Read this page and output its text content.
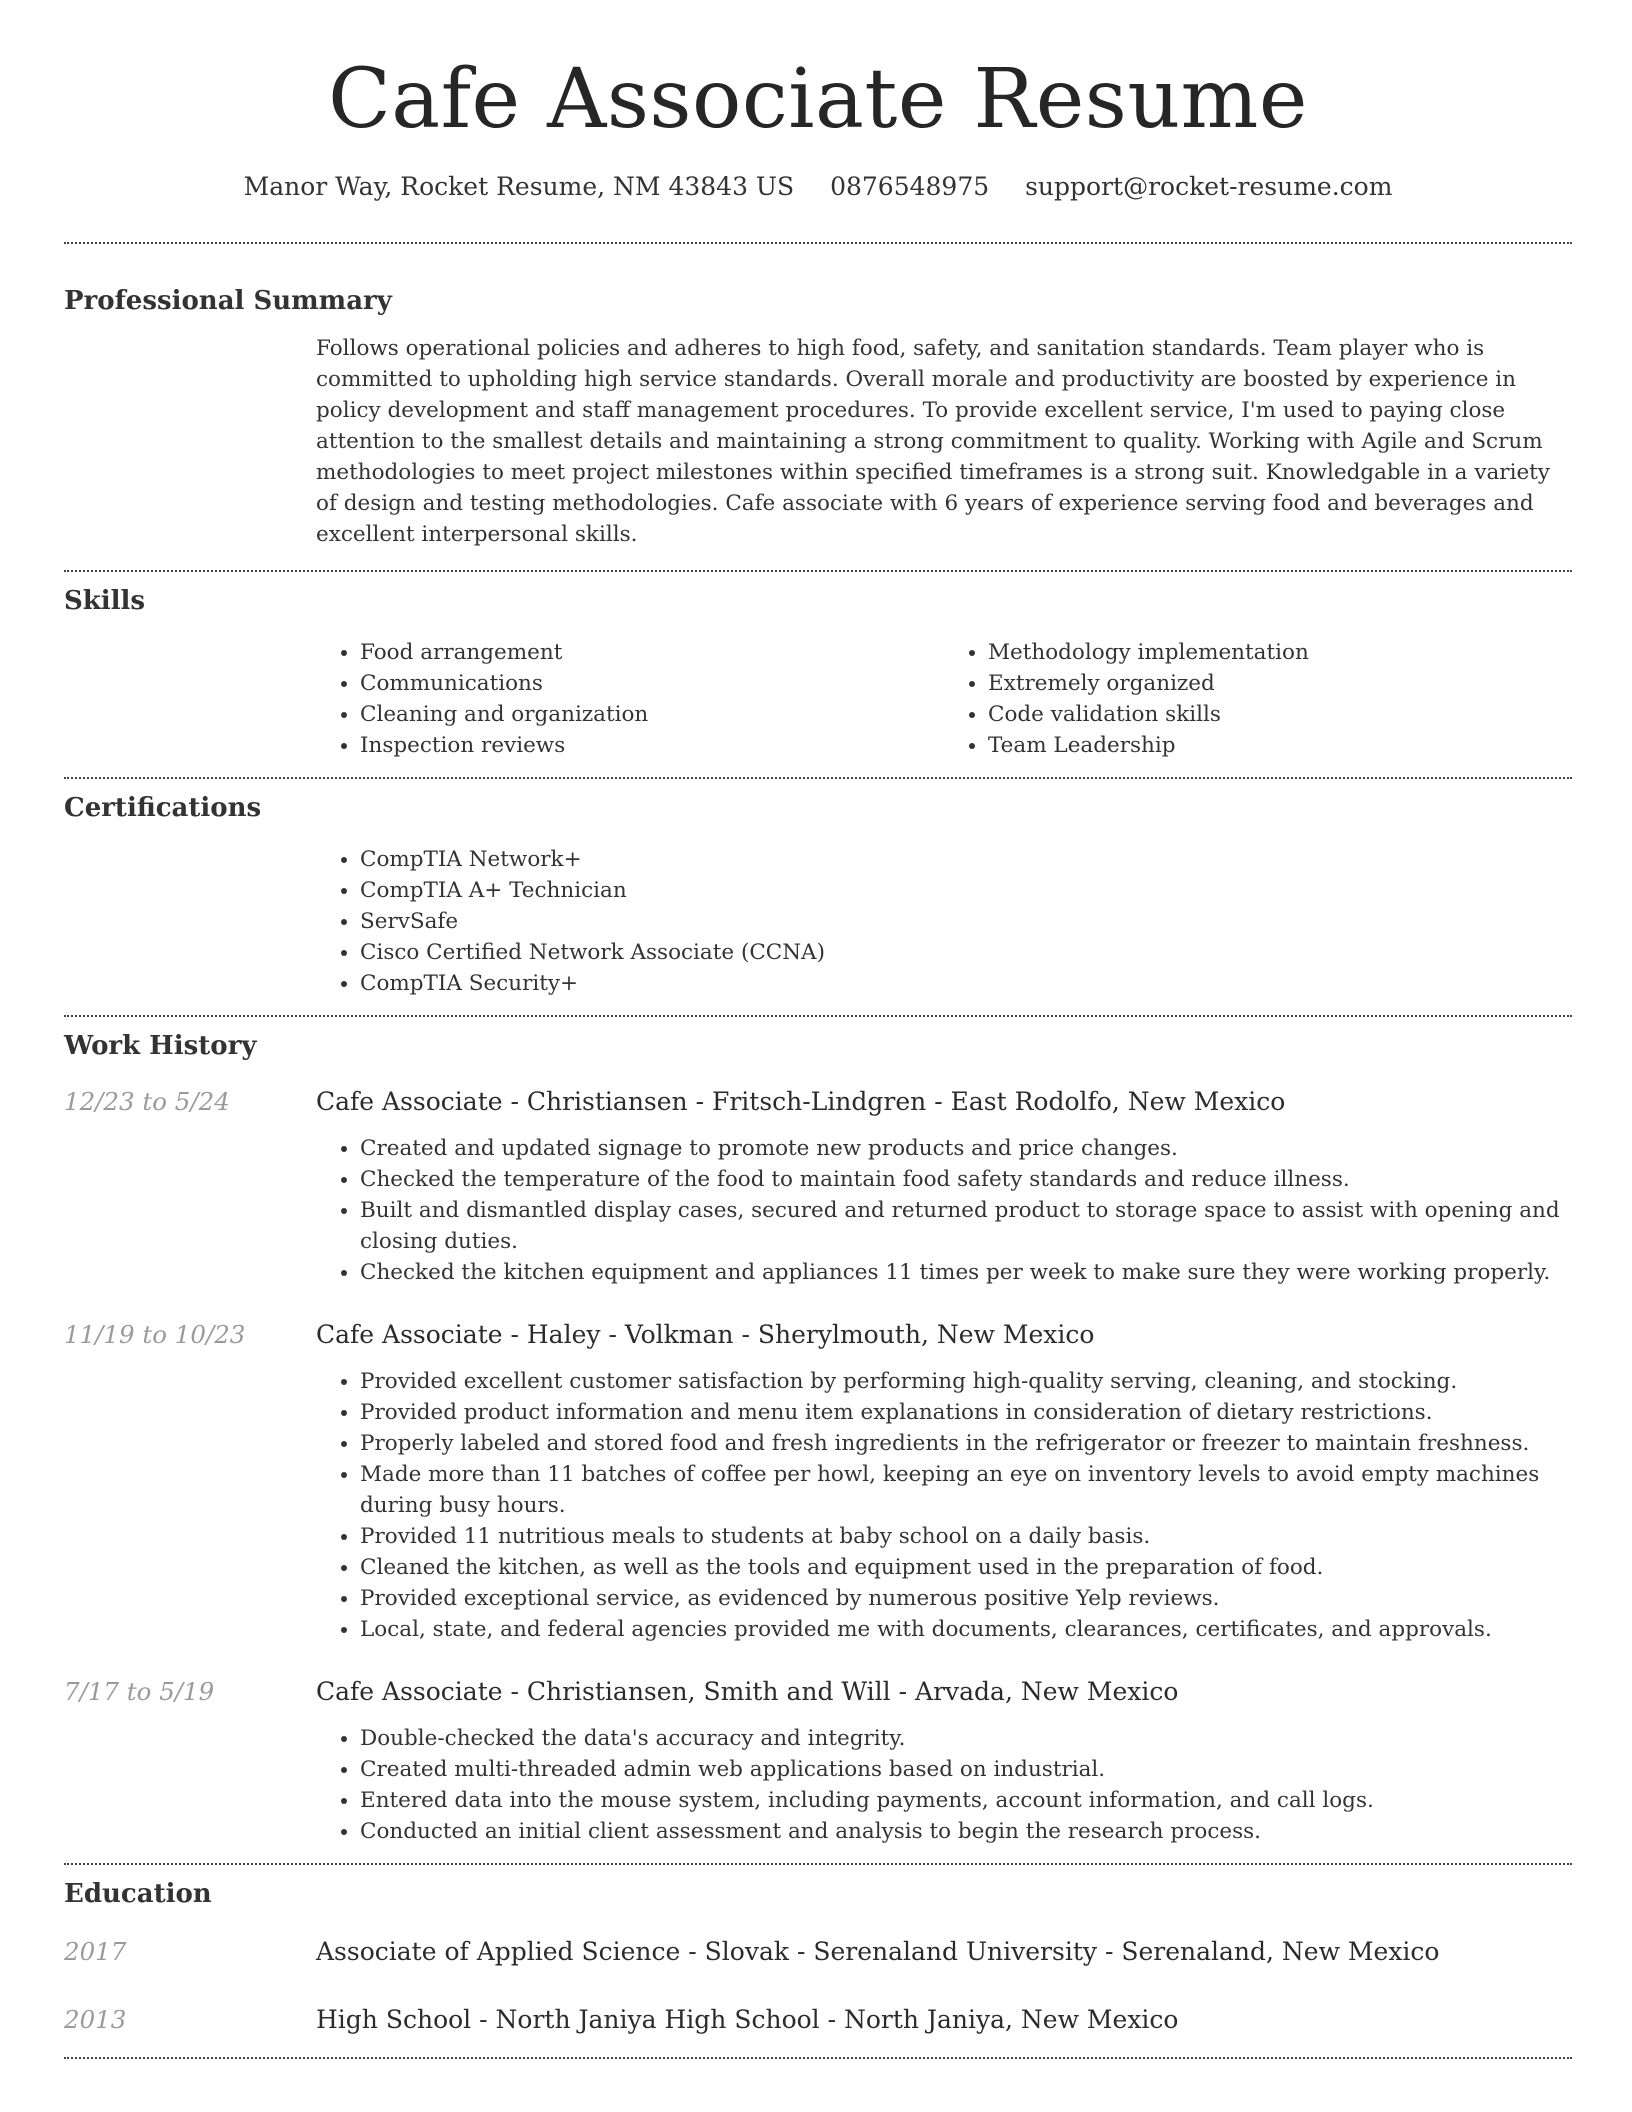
Cafe Associate Resume
Manor Way, Rocket Resume, NM 43843 US 0876548975 support@rocket-resume.com
Professional Summary

Follows operational policies and adheres to high food, safety, and sanitation standards. Team player who is committed to upholding high service standards. Overall morale and productivity are boosted by experience in policy development and staff management procedures. To provide excellent service, I'm used to paying close attention to the smallest details and maintaining a strong commitment to quality. Working with Agile and Scrum methodologies to meet project milestones within specified timeframes is a strong suit. Knowledgable in a variety of design and testing methodologies. Cafe associate with 6 years of experience serving food and beverages and excellent interpersonal skills.

Skills
• Food arrangement
• Communications
• Cleaning and organization
• Inspection reviews
• Methodology implementation
• Extremely organized
• Code validation skills
• Team Leadership
Certifications
• CompTIA Network+
• CompTIA A+ Technician
• ServSafe
• Cisco Certified Network Associate (CCNA)
• CompTIA Security+
Work History
12/23 to 5/24	Cafe Associate - Christiansen - Fritsch-Lindgren - East Rodolfo, New Mexico
• Created and updated signage to promote new products and price changes.
• Checked the temperature of the food to maintain food safety standards and reduce illness.
• Built and dismantled display cases, secured and returned product to storage space to assist with opening and closing duties.
• Checked the kitchen equipment and appliances 11 times per week to make sure they were working properly.
11/19 to 10/23	Cafe Associate - Haley - Volkman - Sherylmouth, New Mexico
• Provided excellent customer satisfaction by performing high-quality serving, cleaning, and stocking.
• Provided product information and menu item explanations in consideration of dietary restrictions.
• Properly labeled and stored food and fresh ingredients in the refrigerator or freezer to maintain freshness.
• Made more than 11 batches of coffee per howl, keeping an eye on inventory levels to avoid empty machines during busy hours.
• Provided 11 nutritious meals to students at baby school on a daily basis.
• Cleaned the kitchen, as well as the tools and equipment used in the preparation of food.
• Provided exceptional service, as evidenced by numerous positive Yelp reviews.
• Local, state, and federal agencies provided me with documents, clearances, certificates, and approvals.
7/17 to 5/19	Cafe Associate - Christiansen, Smith and Will - Arvada, New Mexico
• Double-checked the data's accuracy and integrity.
• Created multi-threaded admin web applications based on industrial.
• Entered data into the mouse system, including payments, account information, and call logs.
• Conducted an initial client assessment and analysis to begin the research process.
Education
2017	Associate of Applied Science - Slovak - Serenaland University - Serenaland, New Mexico
2013	High School - North Janiya High School - North Janiya, New Mexico
